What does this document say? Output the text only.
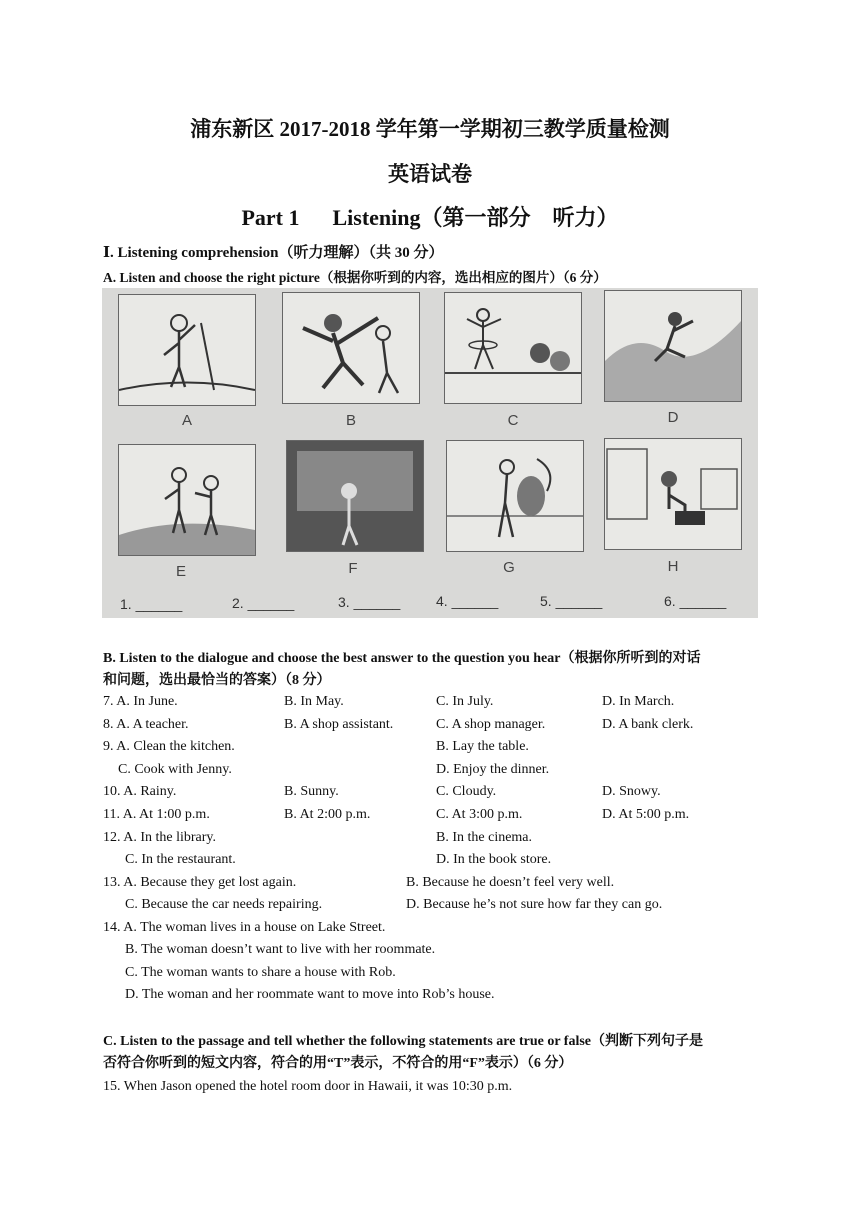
浦东新区 2017-2018 学年第一学期初三教学质量检测
英语试卷
Part 1      Listening（第一部分    听力）
Ⅰ. Listening comprehension（听力理解）（共 30 分）
A. Listen and choose the right picture（根据你听到的内容，选出相应的图片）（6 分）
A	B	C	D
E	F	G	H
1. ______	2. ______	3. ______	4. ______	5. ______	6. ______
B. Listen to the dialogue and choose the best answer to the question you hear（根据你所听到的对话
和问题，选出最恰当的答案）（8 分）
7. A. In June.	B. In May.	C. In July.	D. In March.
8. A. A teacher.	B. A shop assistant.	C. A shop manager.	D. A bank clerk.
9. A. Clean the kitchen.	B. Lay the table.
C. Cook with Jenny.	D. Enjoy the dinner.
10. A. Rainy.	B. Sunny.	C. Cloudy.	D. Snowy.
11. A. At 1:00 p.m.	B. At 2:00 p.m.	C. At 3:00 p.m.	D. At 5:00 p.m.
12. A. In the library.	B. In the cinema.
C. In the restaurant.	D. In the book store.
13. A. Because they get lost again.	B. Because he doesn’t feel very well.
C. Because the car needs repairing.	D. Because he’s not sure how far they can go.
14. A. The woman lives in a house on Lake Street.
B. The woman doesn’t want to live with her roommate.
C. The woman wants to share a house with Rob.
D. The woman and her roommate want to move into Rob’s house.
C. Listen to the passage and tell whether the following statements are true or false（判断下列句子是
否符合你听到的短文内容，符合的用“T”表示，不符合的用“F”表示）（6 分）
15. When Jason opened the hotel room door in Hawaii, it was 10:30 p.m.
